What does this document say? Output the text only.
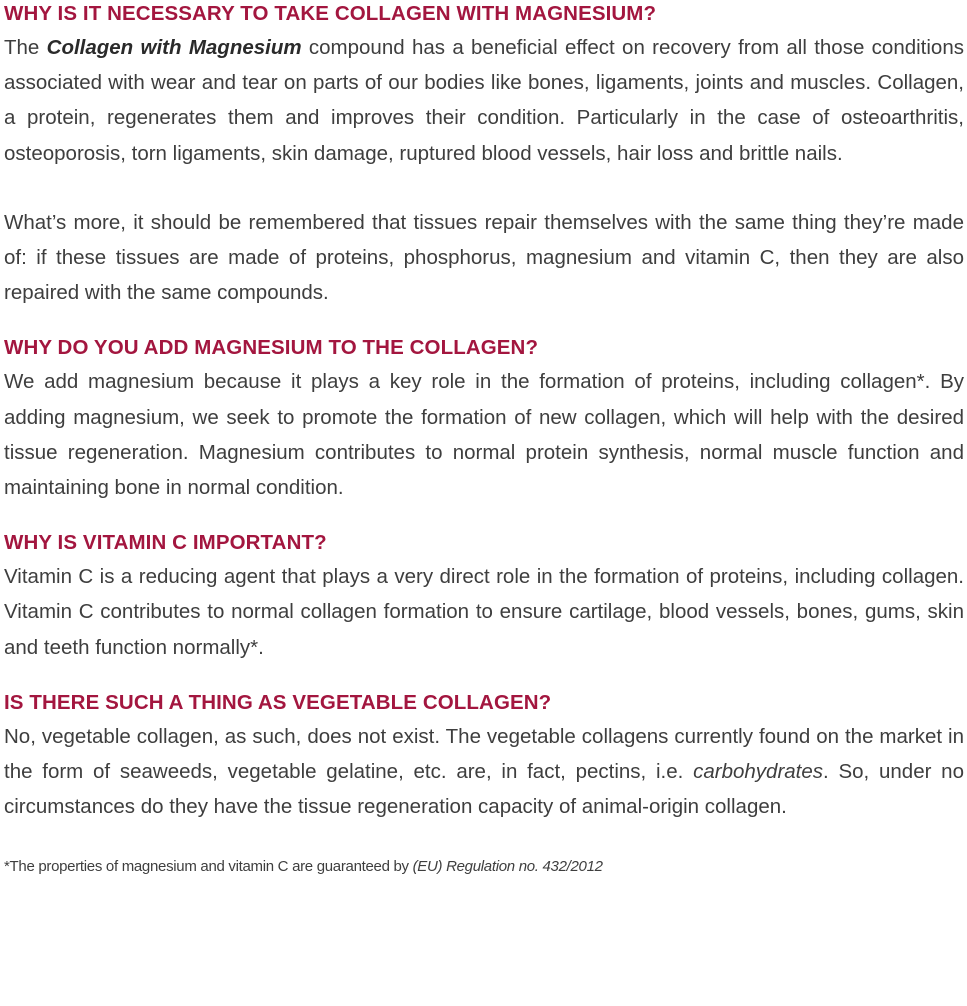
WHY IS IT NECESSARY TO TAKE COLLAGEN WITH MAGNESIUM?

The Collagen with Magnesium compound has a beneficial effect on recovery from all those conditions associated with wear and tear on parts of our bodies like bones, ligaments, joints and muscles. Collagen, a protein, regenerates them and improves their condition. Particularly in the case of osteoarthritis, osteoporosis, torn ligaments, skin damage, ruptured blood vessels, hair loss and brittle nails.

What’s more, it should be remembered that tissues repair themselves with the same thing they’re made of: if these tissues are made of proteins, phosphorus, magnesium and vitamin C, then they are also repaired with the same compounds.

WHY DO YOU ADD MAGNESIUM TO THE COLLAGEN?

We add magnesium because it plays a key role in the formation of proteins, including collagen*. By adding magnesium, we seek to promote the formation of new collagen, which will help with the desired tissue regeneration. Magnesium contributes to normal protein synthesis, normal muscle function and maintaining bone in normal condition.

WHY IS VITAMIN C IMPORTANT?

Vitamin C is a reducing agent that plays a very direct role in the formation of proteins, including collagen. Vitamin C contributes to normal collagen formation to ensure cartilage, blood vessels, bones, gums, skin and teeth function normally*.

IS THERE SUCH A THING AS VEGETABLE COLLAGEN?

No, vegetable collagen, as such, does not exist. The vegetable collagens currently found on the market in the form of seaweeds, vegetable gelatine, etc. are, in fact, pectins, i.e. carbohydrates. So, under no circumstances do they have the tissue regeneration capacity of animal-origin collagen.

*The properties of magnesium and vitamin C are guaranteed by (EU) Regulation no. 432/2012
